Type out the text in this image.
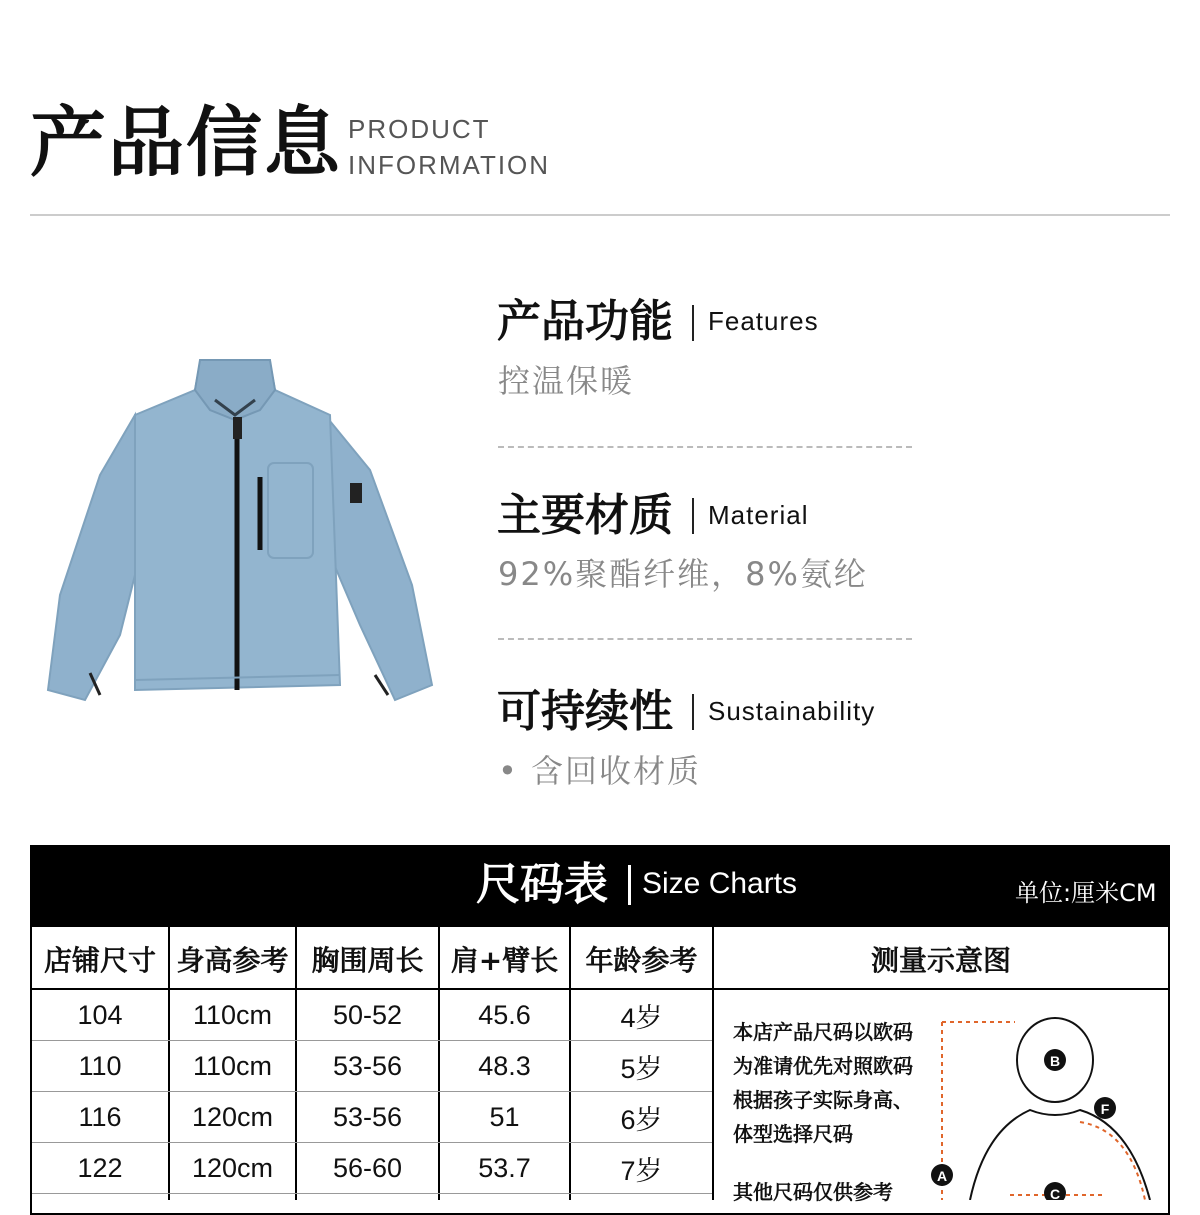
产品信息 PRODUCT
INFORMATION
产品功能 Features
控温保暖
主要材质 Material
92%聚酯纤维，8%氨纶
可持续性 Sustainability
• 含回收材质
尺码表 Size Charts	单位:厘米CM
店铺尺寸 身高参考 胸围周长 肩+臂长 年龄参考	测量示意图
104	110cm	50-52	45.6	4岁
110	110cm	53-56	48.3	5岁
116	120cm	53-56	51	6岁
122	120cm	56-60	53.7	7岁
本店产品尺码以欧码
为准请优先对照欧码
根据孩子实际身高、
体型选择尺码
其他尺码仅供参考
B
F
A
C
